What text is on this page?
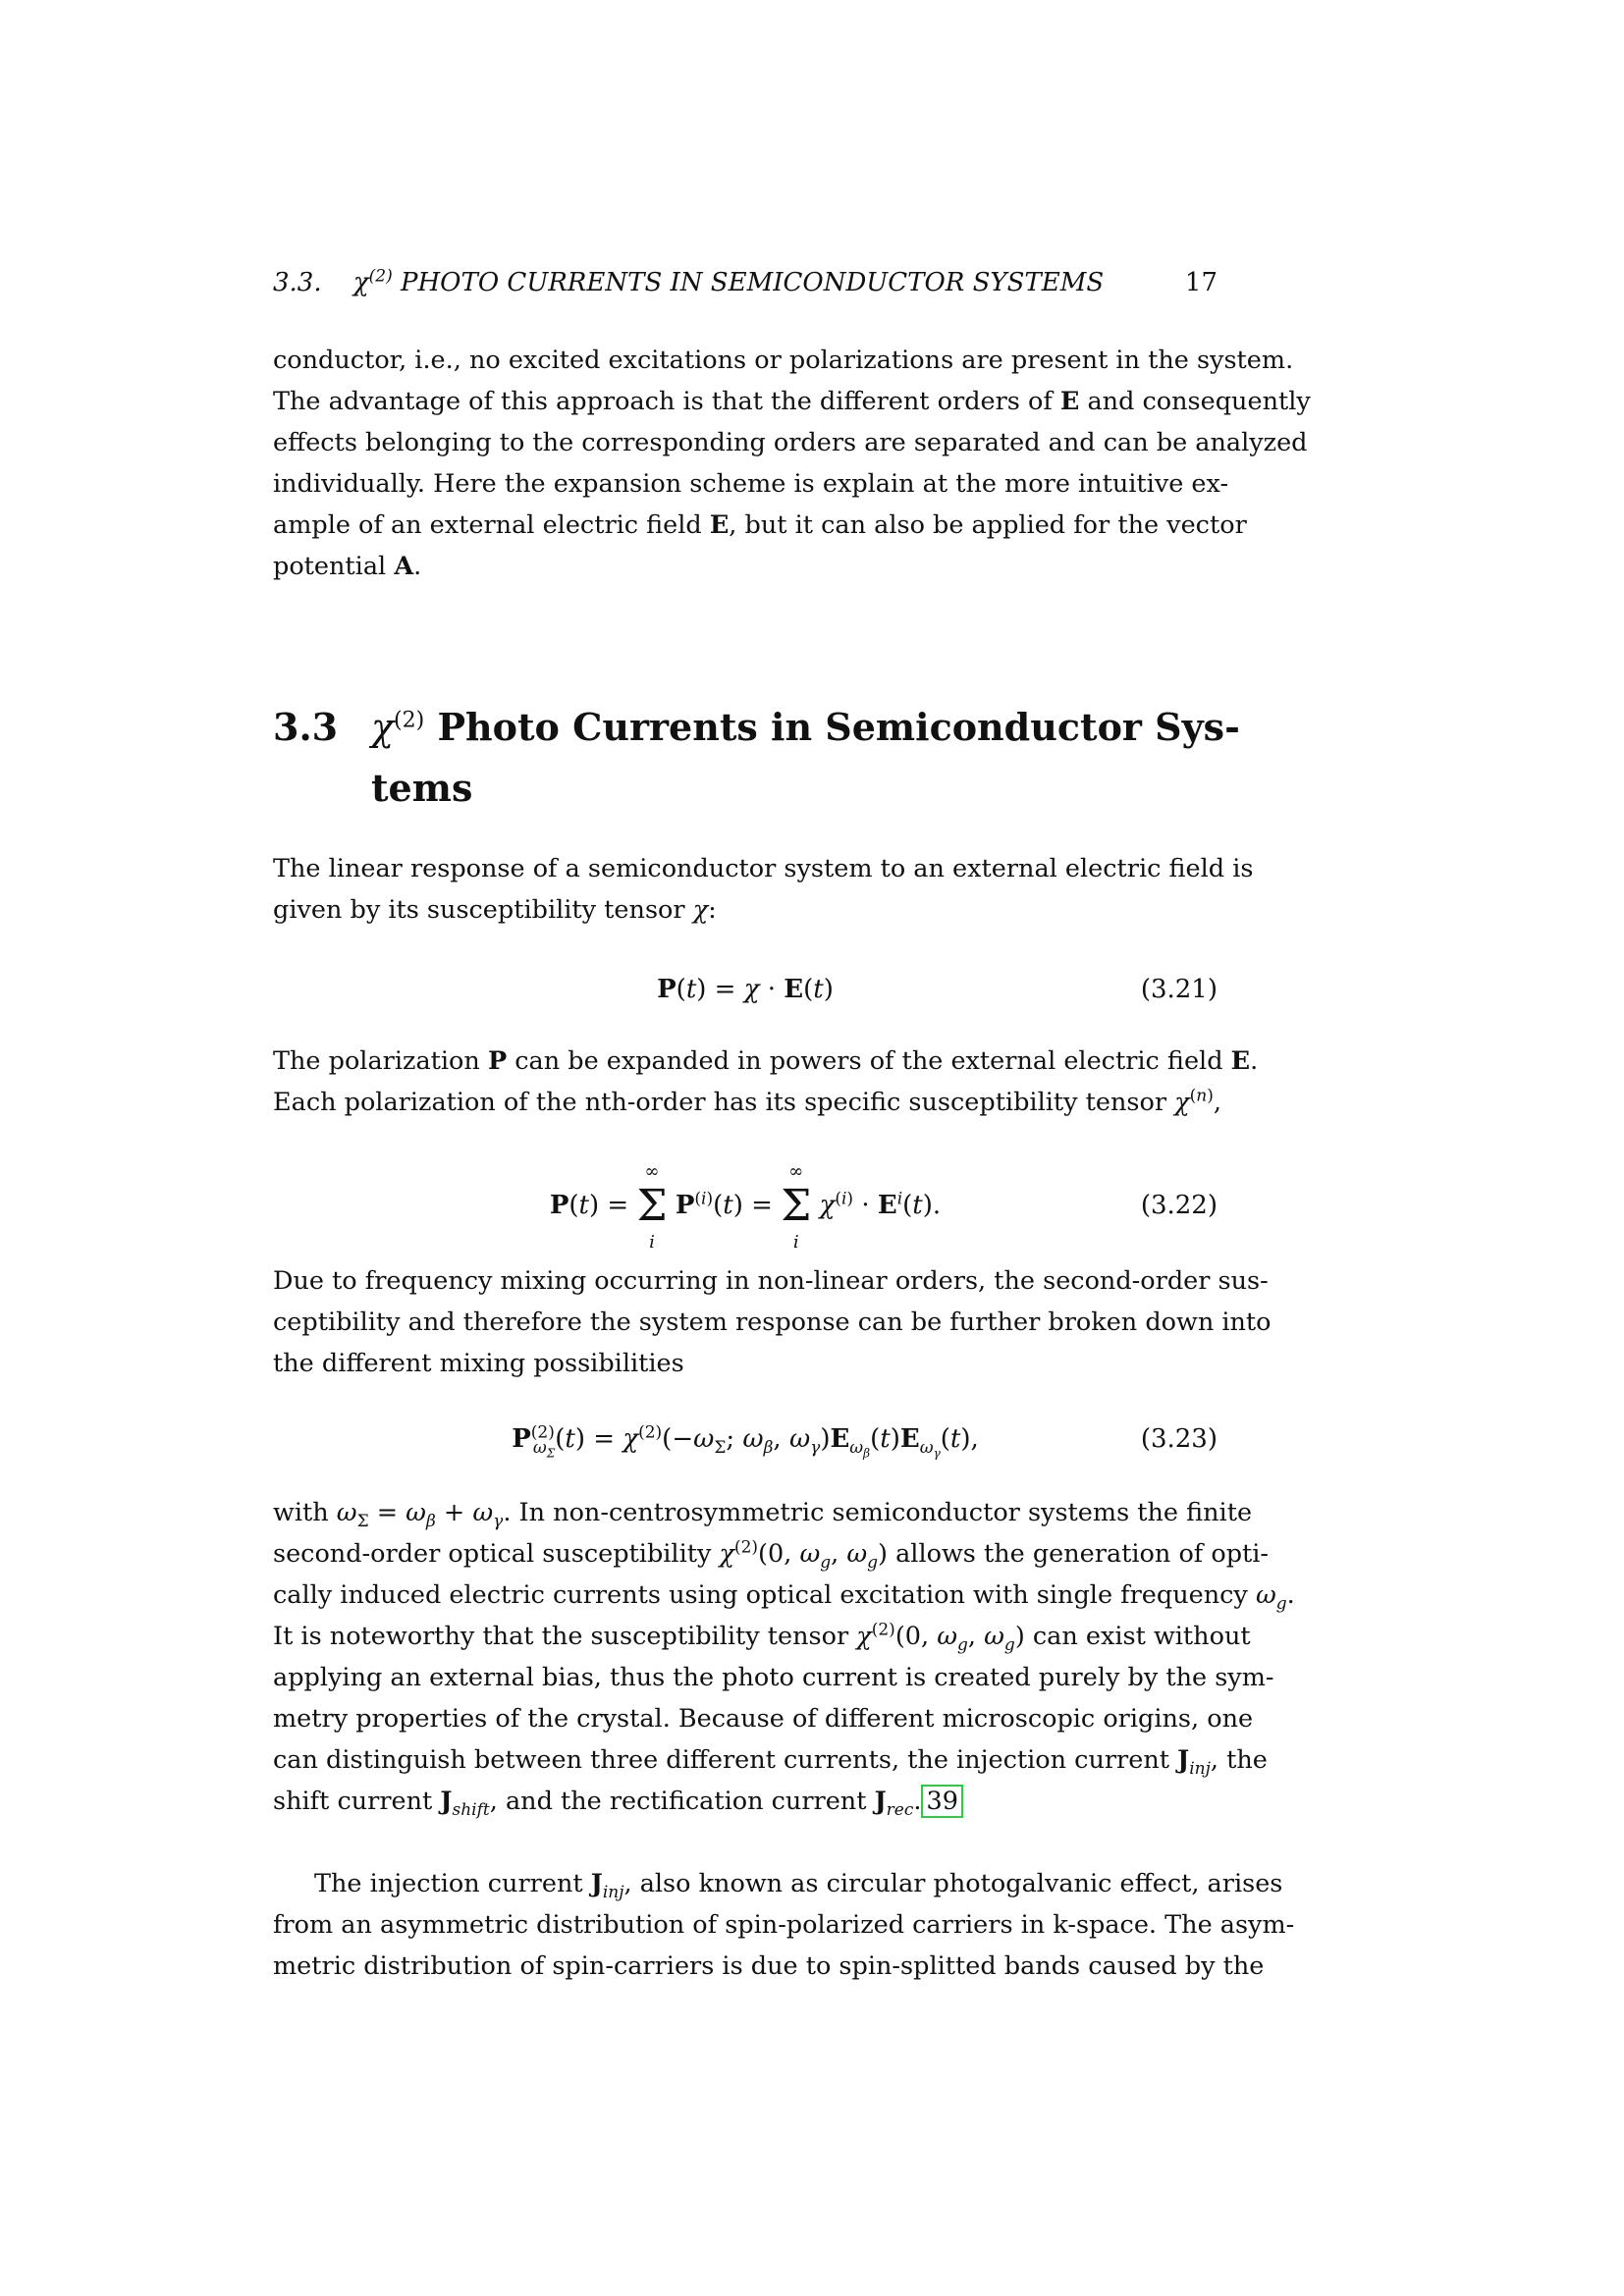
3.3. $\chi^{(2)}$ PHOTO CURRENTS IN SEMICONDUCTOR SYSTEMS	17
conductor, i.e., no excited excitations or polarizations are present in the system.
The advantage of this approach is that the different orders of E and consequently
effects belonging to the corresponding orders are separated and can be analyzed
individually. Here the expansion scheme is explain at the more intuitive ex-
ample of an external electric field E, but it can also be applied for the vector
potential A.
3.3 $\chi^{(2)}$ Photo Currents in Semiconductor Sys-
tems
The linear response of a semiconductor system to an external electric field is
given by its susceptibility tensor χ:
P(t) = χ · E(t)	(3.21)
The polarization P can be expanded in powers of the external electric field E.
Each polarization of the nth-order has its specific susceptibility tensor $\chi^{(n)}$,
P(t) = Σ
∞
i
$P^{(i)}(t) = \Sigma$
∞
i
$\chi^{(i)} \cdot E^i(t)$.	(3.22)
Due to frequency mixing occurring in non-linear orders, the second-order sus-
ceptibility and therefore the system response can be further broken down into
the different mixing possibilities
$P^{(2)}_{\omega_\Sigma}(t) = \chi^{(2)}(-\omega_\Sigma$; $\omega_\beta$, $\omega_\gamma)E_{\omega_\beta}(t)E_{\omega_\gamma}(t)$,	(3.23)
with $\omega_\Sigma = \omega_\beta + \omega_\gamma$. In non-centrosymmetric semiconductor systems the finite
second-order optical susceptibility $\chi^{(2)}(0$, $\omega_g$, $\omega_g$) allows the generation of opti-
cally induced electric currents using optical excitation with single frequency $\omega_g$.
It is noteworthy that the susceptibility tensor $\chi^{(2)}(0$, $\omega_g$, $\omega_g$) can exist without
applying an external bias, thus the photo current is created purely by the sym-
metry properties of the crystal. Because of different microscopic origins, one
can distinguish between three different currents, the injection current $J_{inj}$, the
shift current $J_{shift}$, and the rectification current $J_{rec}$. 39
The injection current $J_{inj}$, also known as circular photogalvanic effect, arises
from an asymmetric distribution of spin-polarized carriers in k-space. The asym-
metric distribution of spin-carriers is due to spin-splitted bands caused by the
